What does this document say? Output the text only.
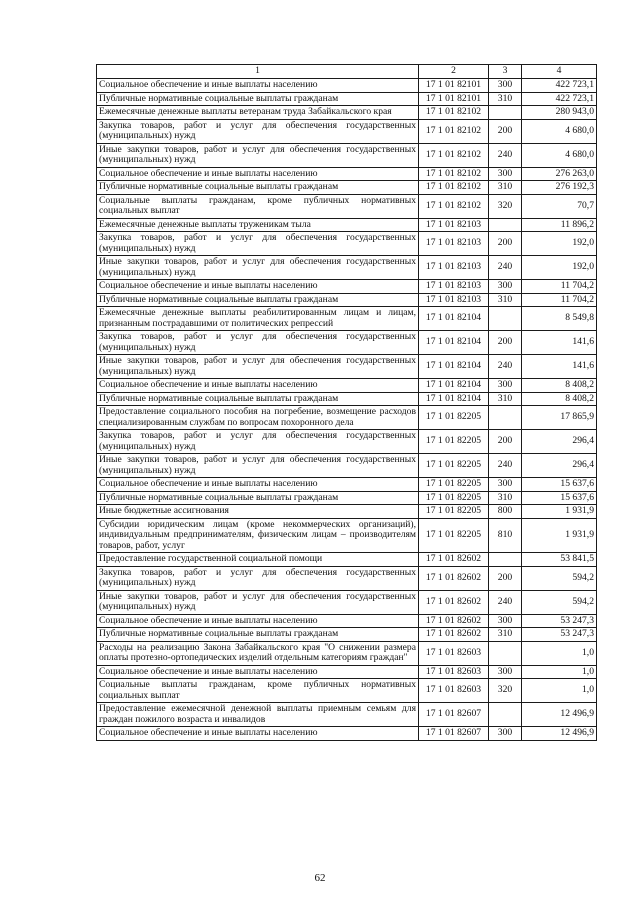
1	2	3	4
Социальное обеспечение и иные выплаты населению	17 1 01 82101	300	422 723,1
Публичные нормативные социальные выплаты гражданам	17 1 01 82101	310	422 723,1
Ежемесячные денежные выплаты ветеранам труда Забайкальского края	17 1 01 82102		280 943,0
Закупка товаров, работ и услуг для обеспечения государственных (муниципальных) нужд	17 1 01 82102	200	4 680,0
Иные закупки товаров, работ и услуг для обеспечения государственных (муниципальных) нужд	17 1 01 82102	240	4 680,0
Социальное обеспечение и иные выплаты населению	17 1 01 82102	300	276 263,0
Публичные нормативные социальные выплаты гражданам	17 1 01 82102	310	276 192,3
Социальные выплаты гражданам, кроме публичных нормативных социальных выплат	17 1 01 82102	320	70,7
Ежемесячные денежные выплаты труженикам тыла	17 1 01 82103		11 896,2
Закупка товаров, работ и услуг для обеспечения государственных (муниципальных) нужд	17 1 01 82103	200	192,0
Иные закупки товаров, работ и услуг для обеспечения государственных (муниципальных) нужд	17 1 01 82103	240	192,0
Социальное обеспечение и иные выплаты населению	17 1 01 82103	300	11 704,2
Публичные нормативные социальные выплаты гражданам	17 1 01 82103	310	11 704,2
Ежемесячные денежные выплаты реабилитированным лицам и лицам, признанным пострадавшими от политических репрессий	17 1 01 82104		8 549,8
Закупка товаров, работ и услуг для обеспечения государственных (муниципальных) нужд	17 1 01 82104	200	141,6
Иные закупки товаров, работ и услуг для обеспечения государственных (муниципальных) нужд	17 1 01 82104	240	141,6
Социальное обеспечение и иные выплаты населению	17 1 01 82104	300	8 408,2
Публичные нормативные социальные выплаты гражданам	17 1 01 82104	310	8 408,2
Предоставление социального пособия на погребение, возмещение расходов специализированным службам по вопросам похоронного дела	17 1 01 82205		17 865,9
Закупка товаров, работ и услуг для обеспечения государственных (муниципальных) нужд	17 1 01 82205	200	296,4
Иные закупки товаров, работ и услуг для обеспечения государственных (муниципальных) нужд	17 1 01 82205	240	296,4
Социальное обеспечение и иные выплаты населению	17 1 01 82205	300	15 637,6
Публичные нормативные социальные выплаты гражданам	17 1 01 82205	310	15 637,6
Иные бюджетные ассигнования	17 1 01 82205	800	1 931,9
Субсидии юридическим лицам (кроме некоммерческих организаций), индивидуальным предпринимателям, физическим лицам – производителям товаров, работ, услуг	17 1 01 82205	810	1 931,9
Предоставление государственной социальной помощи	17 1 01 82602		53 841,5
Закупка товаров, работ и услуг для обеспечения государственных (муниципальных) нужд	17 1 01 82602	200	594,2
Иные закупки товаров, работ и услуг для обеспечения государственных (муниципальных) нужд	17 1 01 82602	240	594,2
Социальное обеспечение и иные выплаты населению	17 1 01 82602	300	53 247,3
Публичные нормативные социальные выплаты гражданам	17 1 01 82602	310	53 247,3
Расходы на реализацию Закона Забайкальского края "О снижении размера оплаты протезно-ортопедических изделий отдельным категориям граждан"	17 1 01 82603		1,0
Социальное обеспечение и иные выплаты населению	17 1 01 82603	300	1,0
Социальные выплаты гражданам, кроме публичных нормативных социальных выплат	17 1 01 82603	320	1,0
Предоставление ежемесячной денежной выплаты приемным семьям для граждан пожилого возраста и инвалидов	17 1 01 82607		12 496,9
Социальное обеспечение и иные выплаты населению	17 1 01 82607	300	12 496,9
62
